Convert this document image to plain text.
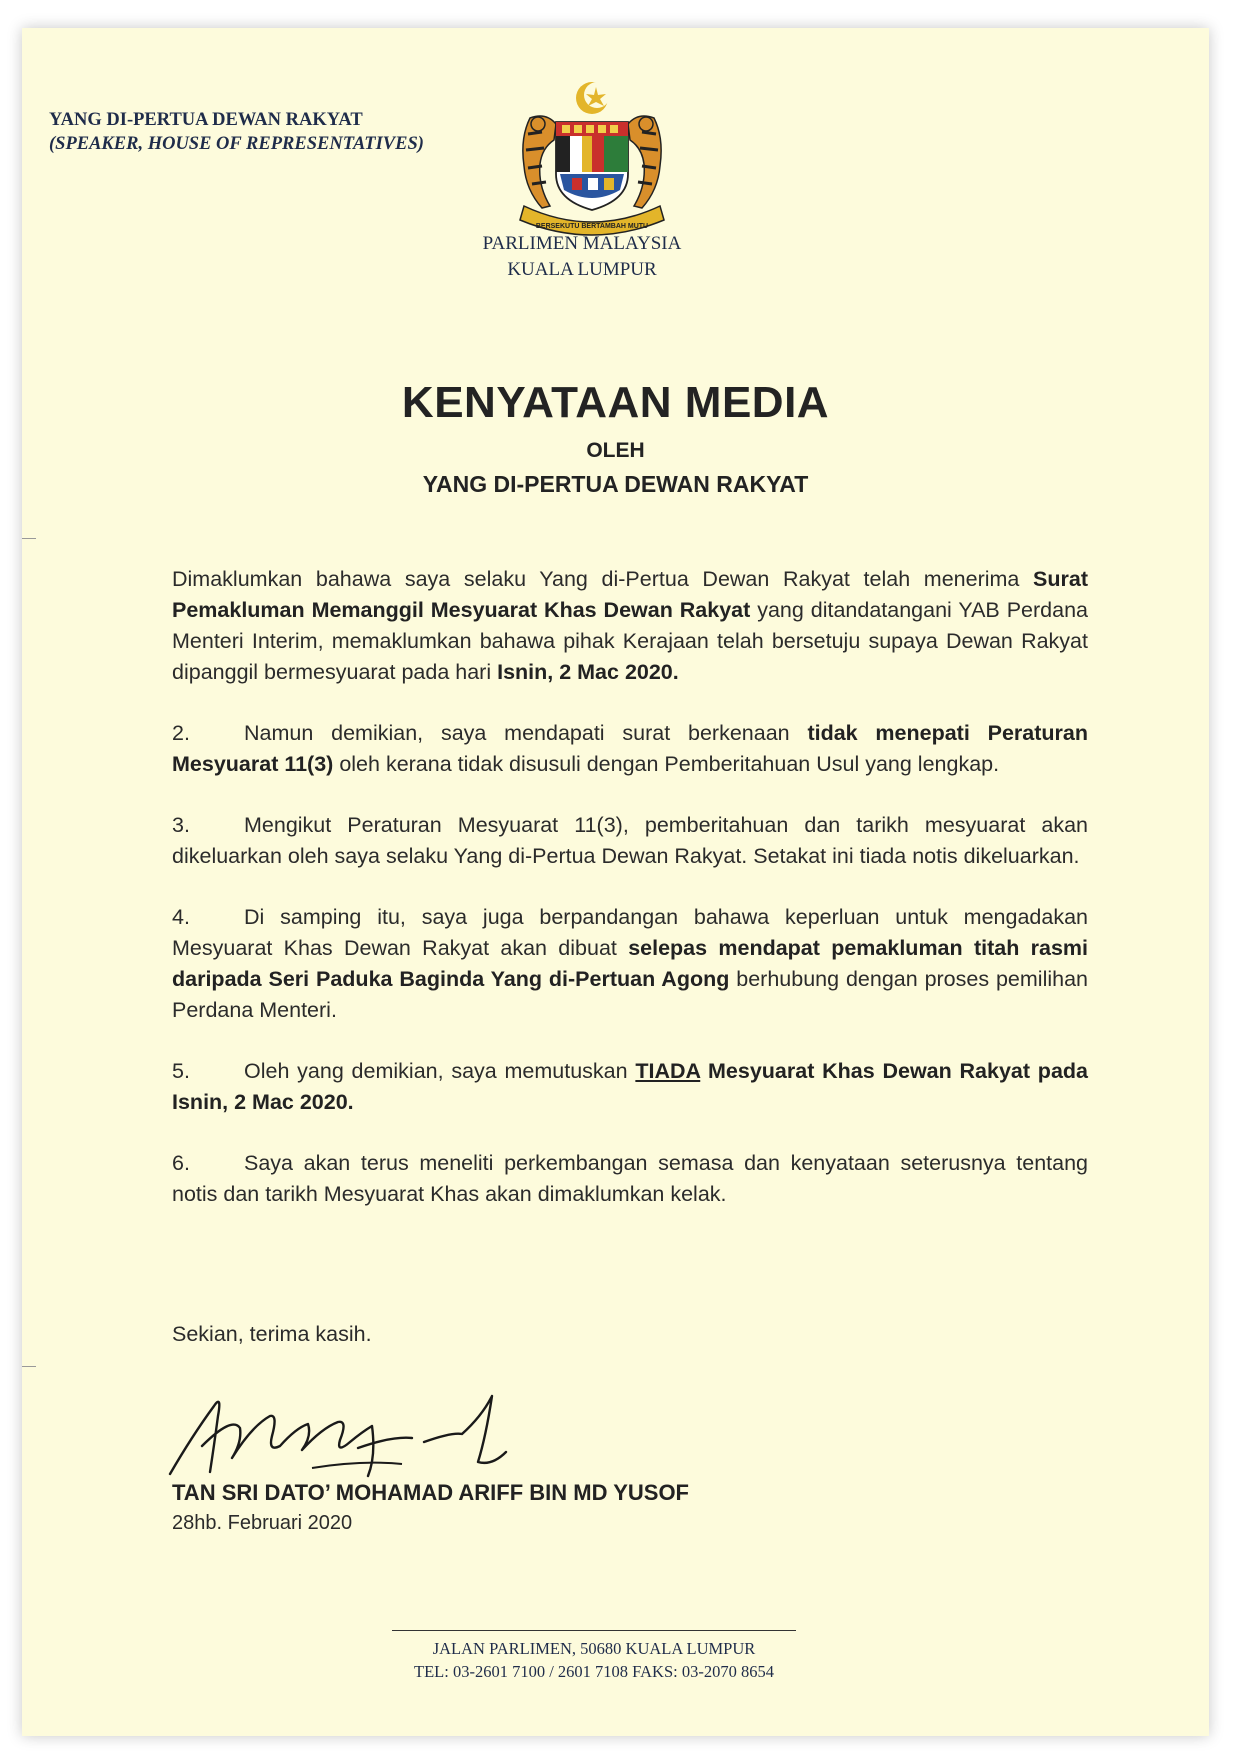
YANG DI-PERTUA DEWAN RAKYAT
(SPEAKER, HOUSE OF REPRESENTATIVES)
BERSEKUTU BERTAMBAH MUTU
PARLIMEN MALAYSIA
KUALA LUMPUR
KENYATAAN MEDIA
OLEH
YANG DI-PERTUA DEWAN RAKYAT

Dimaklumkan bahawa saya selaku Yang di-Pertua Dewan Rakyat telah menerima Surat Pemakluman Memanggil Mesyuarat Khas Dewan Rakyat yang ditandatangani YAB Perdana Menteri Interim, memaklumkan bahawa pihak Kerajaan telah bersetuju supaya Dewan Rakyat dipanggil bermesyuarat pada hari Isnin, 2 Mac 2020.

2.	Namun demikian, saya mendapati surat berkenaan tidak menepati Peraturan Mesyuarat 11(3) oleh kerana tidak disusuli dengan Pemberitahuan Usul yang lengkap.

3.	Mengikut Peraturan Mesyuarat 11(3), pemberitahuan dan tarikh mesyuarat akan dikeluarkan oleh saya selaku Yang di-Pertua Dewan Rakyat. Setakat ini tiada notis dikeluarkan.

4.	Di samping itu, saya juga berpandangan bahawa keperluan untuk mengadakan Mesyuarat Khas Dewan Rakyat akan dibuat selepas mendapat pemakluman titah rasmi daripada Seri Paduka Baginda Yang di-Pertuan Agong berhubung dengan proses pemilihan Perdana Menteri.

5.	Oleh yang demikian, saya memutuskan TIADA Mesyuarat Khas Dewan Rakyat pada Isnin, 2 Mac 2020.

6.	Saya akan terus meneliti perkembangan semasa dan kenyataan seterusnya tentang notis dan tarikh Mesyuarat Khas akan dimaklumkan kelak.

Sekian, terima kasih.
TAN SRI DATO’ MOHAMAD ARIFF BIN MD YUSOF
28hb. Februari 2020
JALAN PARLIMEN, 50680 KUALA LUMPUR
TEL: 03-2601 7100 / 2601 7108 FAKS: 03-2070 8654
